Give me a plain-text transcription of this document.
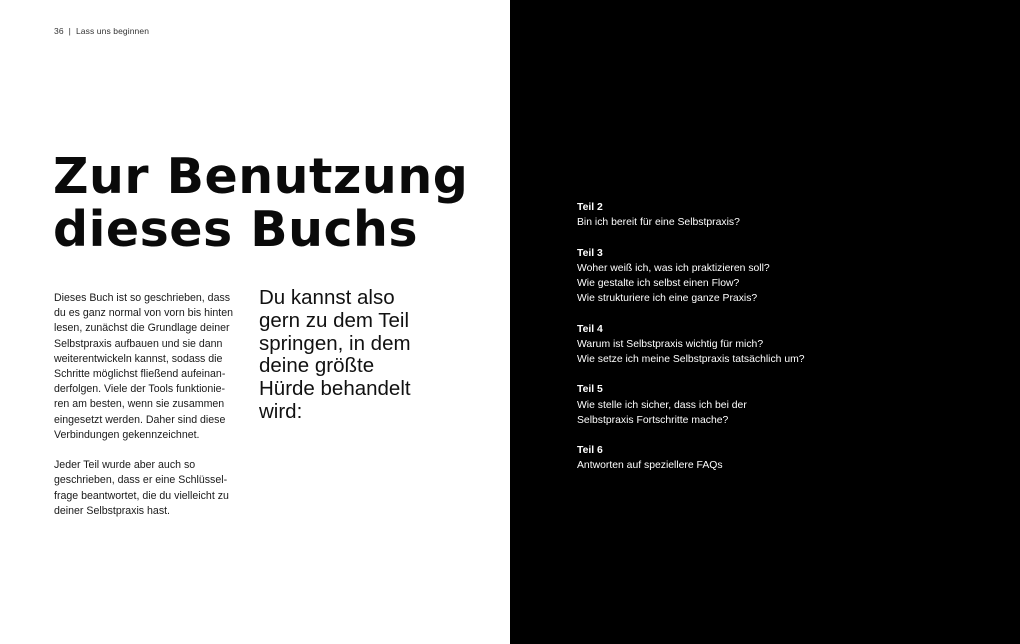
36 | Lass uns beginnen
Zur Benutzung
dieses Buchs
Dieses Buch ist so geschrieben, dass
du es ganz normal von vorn bis hinten
lesen, zunächst die Grundlage deiner
Selbstpraxis aufbauen und sie dann
weiterentwickeln kannst, sodass die
Schritte möglichst fließend aufeinan-
derfolgen. Viele der Tools funktionie-
ren am besten, wenn sie zusammen
eingesetzt werden. Daher sind diese
Verbindungen gekennzeichnet.
Jeder Teil wurde aber auch so
geschrieben, dass er eine Schlüssel-
frage beantwortet, die du vielleicht zu
deiner Selbstpraxis hast.
Du kannst also
gern zu dem Teil
springen, in dem
deine größte
Hürde behandelt
wird:
Teil 2
Bin ich bereit für eine Selbstpraxis?
Teil 3
Woher weiß ich, was ich praktizieren soll?
Wie gestalte ich selbst einen Flow?
Wie strukturiere ich eine ganze Praxis?
Teil 4
Warum ist Selbstpraxis wichtig für mich?
Wie setze ich meine Selbstpraxis tatsächlich um?
Teil 5
Wie stelle ich sicher, dass ich bei der
Selbstpraxis Fortschritte mache?
Teil 6
Antworten auf speziellere FAQs
